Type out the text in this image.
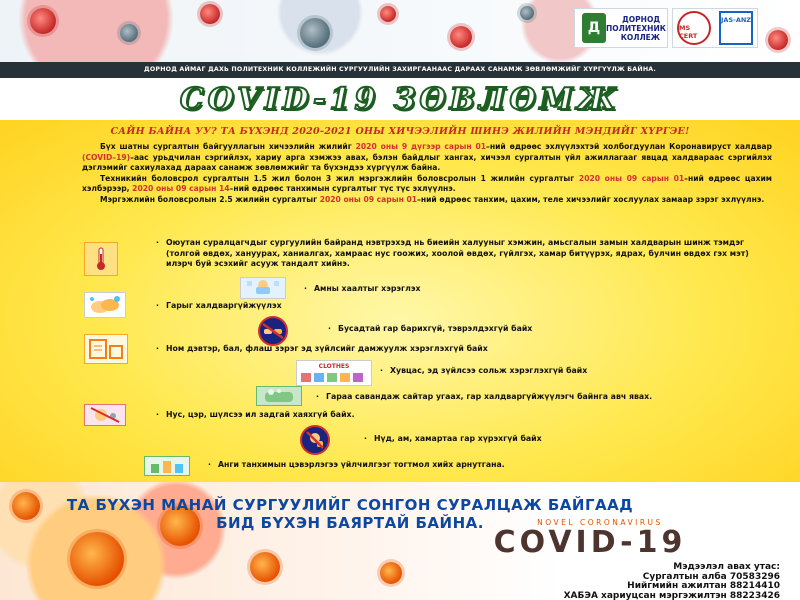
Д
ДОРНОД ПОЛИТЕХНИК КОЛЛЕЖ
MS CERT
JAS-ANZ
ДОРНОД АЙМАГ ДАХЬ ПОЛИТЕХНИК КОЛЛЕЖИЙН СУРГУУЛИЙН ЗАХИРГААНААС ДАРААХ САНАМЖ ЗӨВЛӨМЖИЙГ ХҮРГҮҮЛЖ БАЙНА.
COVID-19 ЗӨВЛӨМЖ
САЙН БАЙНА УУ? ТА БҮХЭНД 2020-2021 ОНЫ ХИЧЭЭЛИЙН ШИНЭ ЖИЛИЙН МЭНДИЙГ ХҮРГЭЕ!

Бүх шатны сургалтын байгууллагын хичээлийн жилийг 2020 оны 9 дүгээр сарын 01–ний өдрөөс эхлүүлэхтэй холбогдуулан Коронавируст халдвар (COVID–19)–аас урьдчилан сэргийлэх, хариу арга хэмжээ авах, бэлэн байдлыг хангах, хичээл сургалтын үйл ажиллагааг явцад халдвараас сэргийлэх дэглэмийг сахиулахад дараах санамж зөвлөмжийг та бүхэндээ хүргүүлж байна.

Техникийн боловсрол сургалтын 1.5 жил болон 3 жил мэргэжлийн боловсролын 1 жилийн сургалтыг 2020 оны 09 сарын 01–ний өдрөөс цахим хэлбэрээр, 2020 оны 09 сарын 14–ний өдрөөс танхимын сургалтыг түс түс эхлүүлнэ.

Мэргэжлийн боловсролын 2.5 жилийн сургалтыг 2020 оны 09 сарын 01–ний өдрөөс танхим, цахим, теле хичээлийг хослуулах замаар зэрэг эхлүүлнэ.

· Оюутан суралцагчдыг сургуулийн байранд нэвтрэхэд нь биеийн халууныг хэмжин, амьсгалын замын халдварын шинж тэмдэг (толгой өвдөх, хануурах, ханиалгах, хамраас нус гоожих, хоолой өвдөх, гүйлгэх, хамар битүүрэх, ядрах, булчин өвдөх гэх мэт) илэрч буй эсэхийг асууж тандалт хийнэ.
· Амны хаалтыг хэрэглэх
· Гарыг халдваргүйжүүлэх
· Бусадтай гар барихгүй, тэврэлдэхгүй байх
· Ном дэвтэр, бал, флаш зэрэг эд зүйлсийг дамжуулж хэрэглэхгүй байх
CLOTHES	· Хувцас, эд зүйлсээ сольж хэрэглэхгүй байх
· Гараа савандаж сайтар угаах, гар халдваргүйжүүлэгч байнга авч явах.
· Нус, цэр, шүлсээ ил задгай хаяхгүй байх.
· Нүд, ам, хамартаа гар хүрэхгүй байх
· Анги танхимын цэвэрлэгээ үйлчилгээг тогтмол хийх арнутгана.
ТА БҮХЭН МАНАЙ СУРГУУЛИЙГ СОНГОН СУРАЛЦАЖ БАЙГААД
БИД БҮХЭН БАЯРТАЙ БАЙНА.	NOVEL CORONAVIRUS
COVID-19
Мэдээлэл авах утас:
Сургалтын алба 70583296
Нийгмийн ажилтан 88214410
ХАБЭА хариуцсан мэргэжилтэн 88223426
